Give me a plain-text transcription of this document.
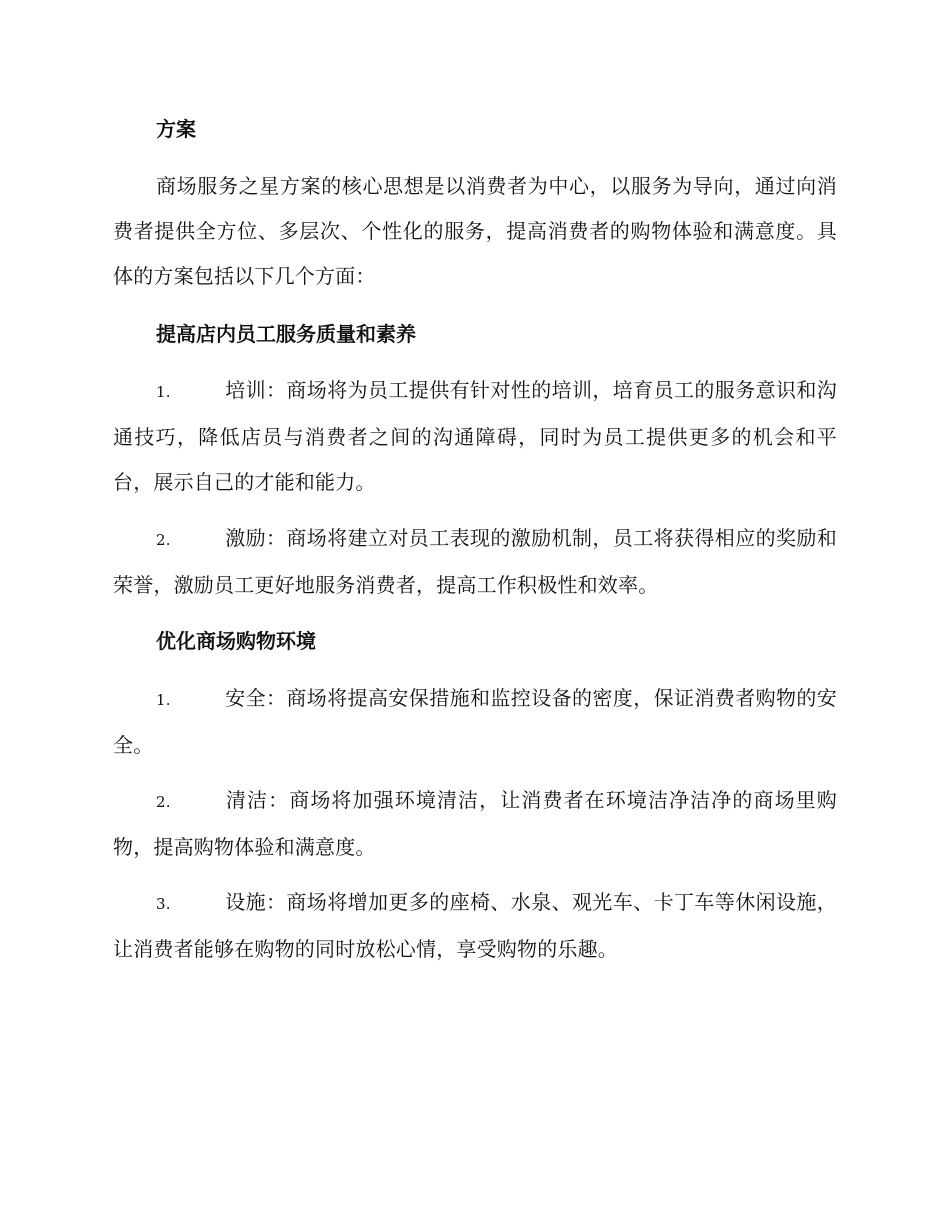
方案
商场服务之星方案的核心思想是以消费者为中心，以服务为导向，通过向消费者提供全方位、多层次、个性化的服务，提高消费者的购物体验和满意度。具体的方案包括以下几个方面：
提高店内员工服务质量和素养
1.	培训：商场将为员工提供有针对性的培训，培育员工的服务意识和沟通技巧，降低店员与消费者之间的沟通障碍，同时为员工提供更多的机会和平台，展示自己的才能和能力。
2.	激励：商场将建立对员工表现的激励机制，员工将获得相应的奖励和荣誉，激励员工更好地服务消费者，提高工作积极性和效率。
优化商场购物环境
1.	安全：商场将提高安保措施和监控设备的密度，保证消费者购物的安全。
2.	清洁：商场将加强环境清洁，让消费者在环境洁净洁净的商场里购物，提高购物体验和满意度。
3.	设施：商场将增加更多的座椅、水泉、观光车、卡丁车等休闲设施，让消费者能够在购物的同时放松心情，享受购物的乐趣。
